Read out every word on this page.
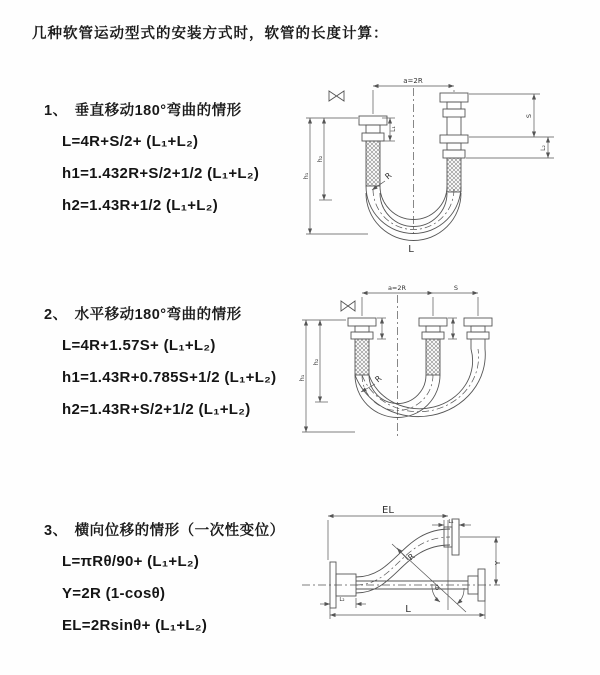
几种软管运动型式的安装方式时，软管的长度计算：
1、 垂直移动180°弯曲的情形
L=4R+S/2+ (L₁+L₂)
h1=1.432R+S/2+1/2 (L₁+L₂)
h2=1.43R+1/2 (L₁+L₂)
2、 水平移动180°弯曲的情形
L=4R+1.57S+ (L₁+L₂)
h1=1.43R+0.785S+1/2 (L₁+L₂)
h2=1.43R+S/2+1/2 (L₁+L₂)
3、 横向位移的情形（一次性变位）
L=πRθ/90+ (L₁+L₂)
Y=2R (1-cosθ)
EL=2Rsinθ+ (L₁+L₂)
a=2R
L₁
S
L₂
h₁
h₂
R
L
a=2R	S
h₁
h₂
R
EL
L₁
Y
R
θ
L
L₂
